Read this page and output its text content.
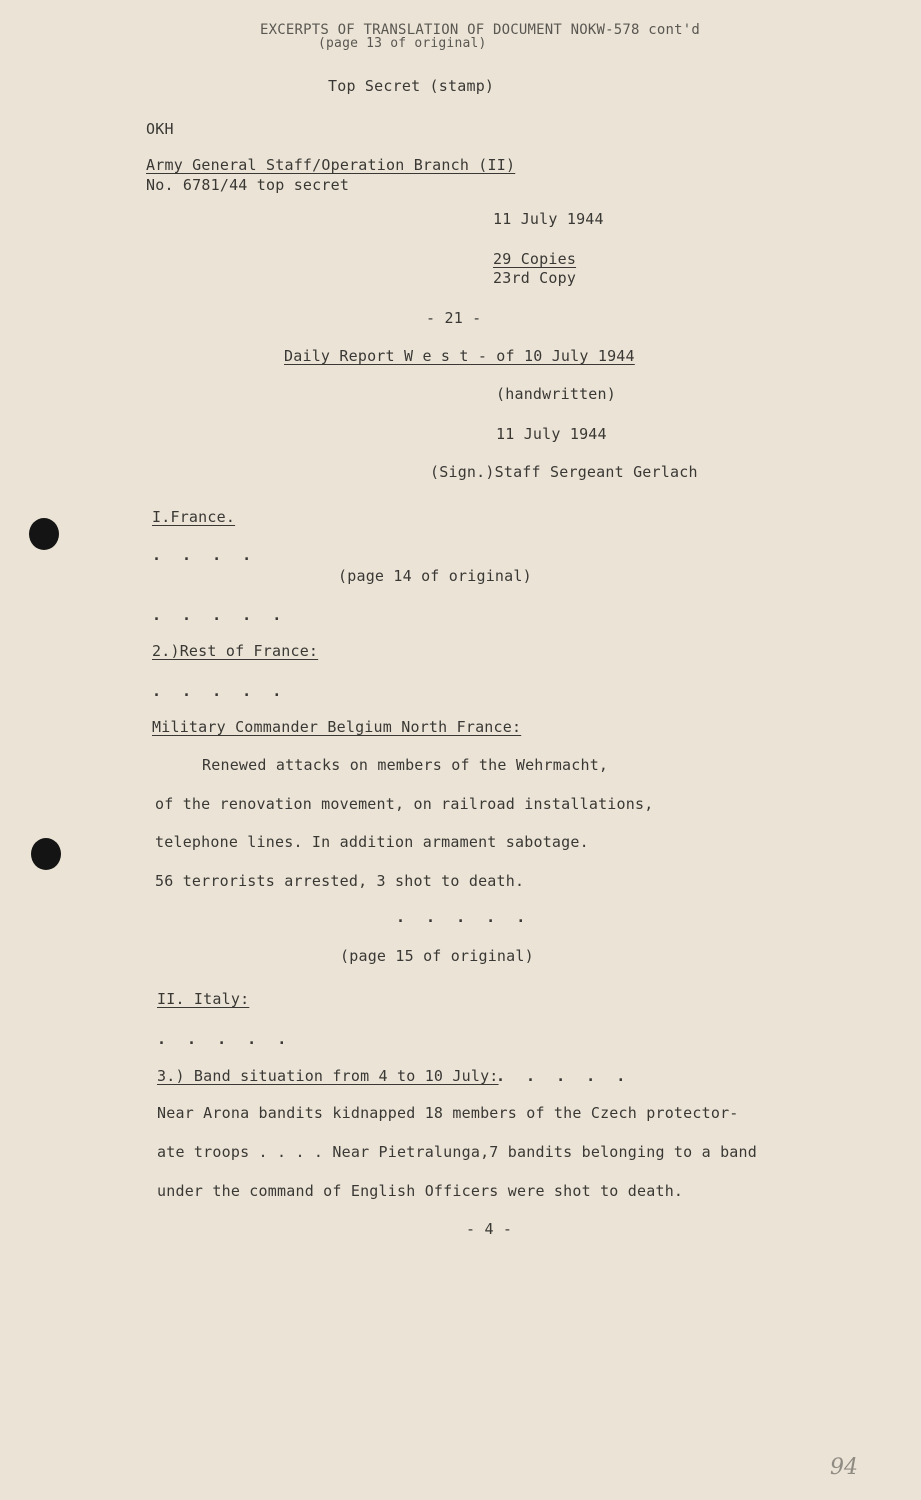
EXCERPTS OF TRANSLATION OF DOCUMENT NOKW-578 cont'd
(page 13 of original)
Top Secret (stamp)
OKH
Army General Staff/Operation Branch (II)
No. 6781/44 top secret
11 July 1944
29 Copies
23rd Copy
- 21 -
Daily Report W e s t - of 10 July 1944
(handwritten)
11 July 1944
(Sign.)Staff Sergeant Gerlach
I.France.
. . . .
(page 14 of original)
. . . . .
2.)Rest of France:
. . . . .
Military Commander Belgium North France:
Renewed attacks on members of the Wehrmacht,
of the renovation movement, on railroad installations,
telephone lines. In addition armament sabotage.
56 terrorists arrested, 3 shot to death.
. . . . .
(page 15 of original)
II. Italy:
. . . . .
3.) Band situation from 4 to 10 July:
. . . . .
Near Arona bandits kidnapped 18 members of the Czech protector-
ate troops . . . . Near Pietralunga,7 bandits belonging to a band
under the command of English Officers were shot to death.
- 4 -
94
